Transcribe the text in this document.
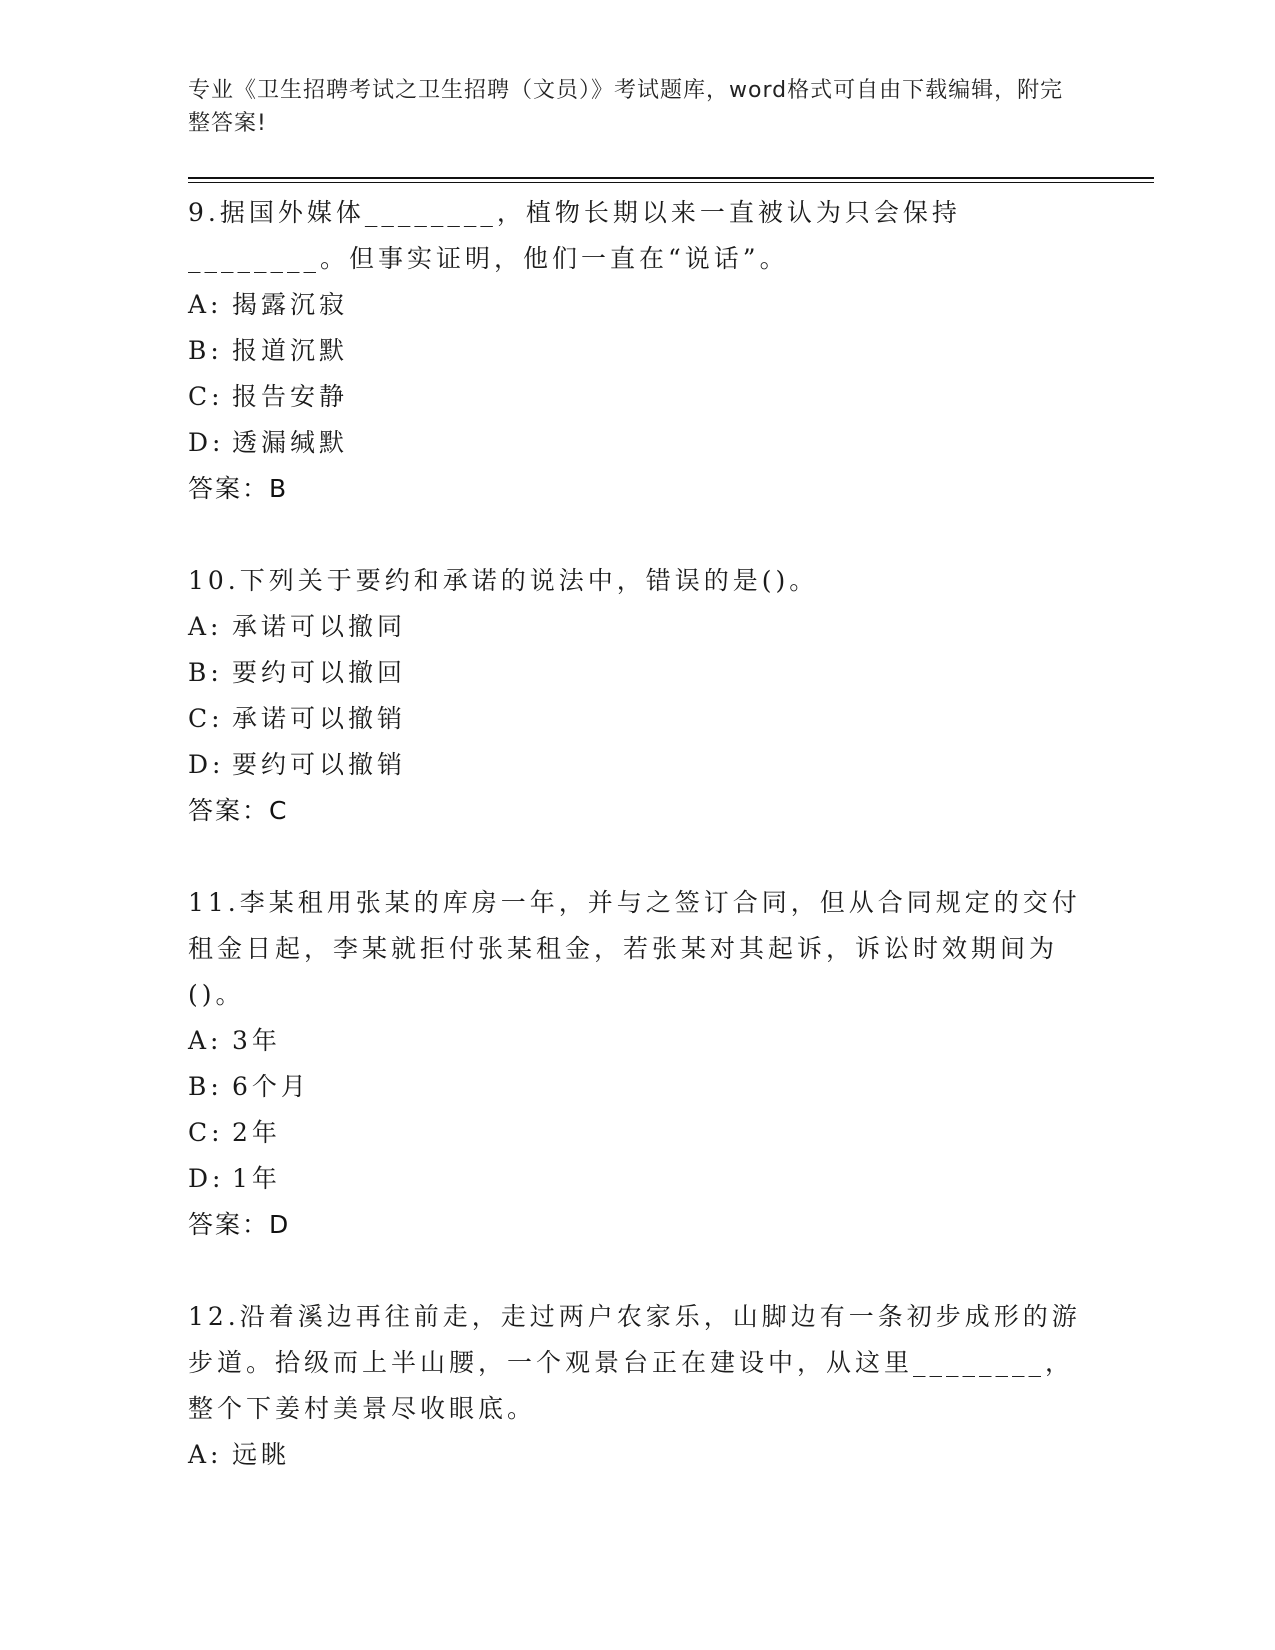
专业《卫生招聘考试之卫生招聘（文员）》考试题库，word格式可自由下载编辑，附完整答案!

9.据国外媒体________，植物长期以来一直被认为只会保持________。但事实证明，他们一直在“说话”。

A: 揭露沉寂
B: 报道沉默
C: 报告安静
D: 透漏缄默
答案：B

10.下列关于要约和承诺的说法中，错误的是()。

A: 承诺可以撤同
B: 要约可以撤回
C: 承诺可以撤销
D: 要约可以撤销
答案：C

11.李某租用张某的库房一年，并与之签订合同，但从合同规定的交付租金日起，李某就拒付张某租金，若张某对其起诉，诉讼时效期间为()。

A: 3年
B: 6个月
C: 2年
D: 1年
答案：D

12.沿着溪边再往前走，走过两户农家乐，山脚边有一条初步成形的游步道。拾级而上半山腰，一个观景台正在建设中，从这里________，整个下姜村美景尽收眼底。

A: 远眺
